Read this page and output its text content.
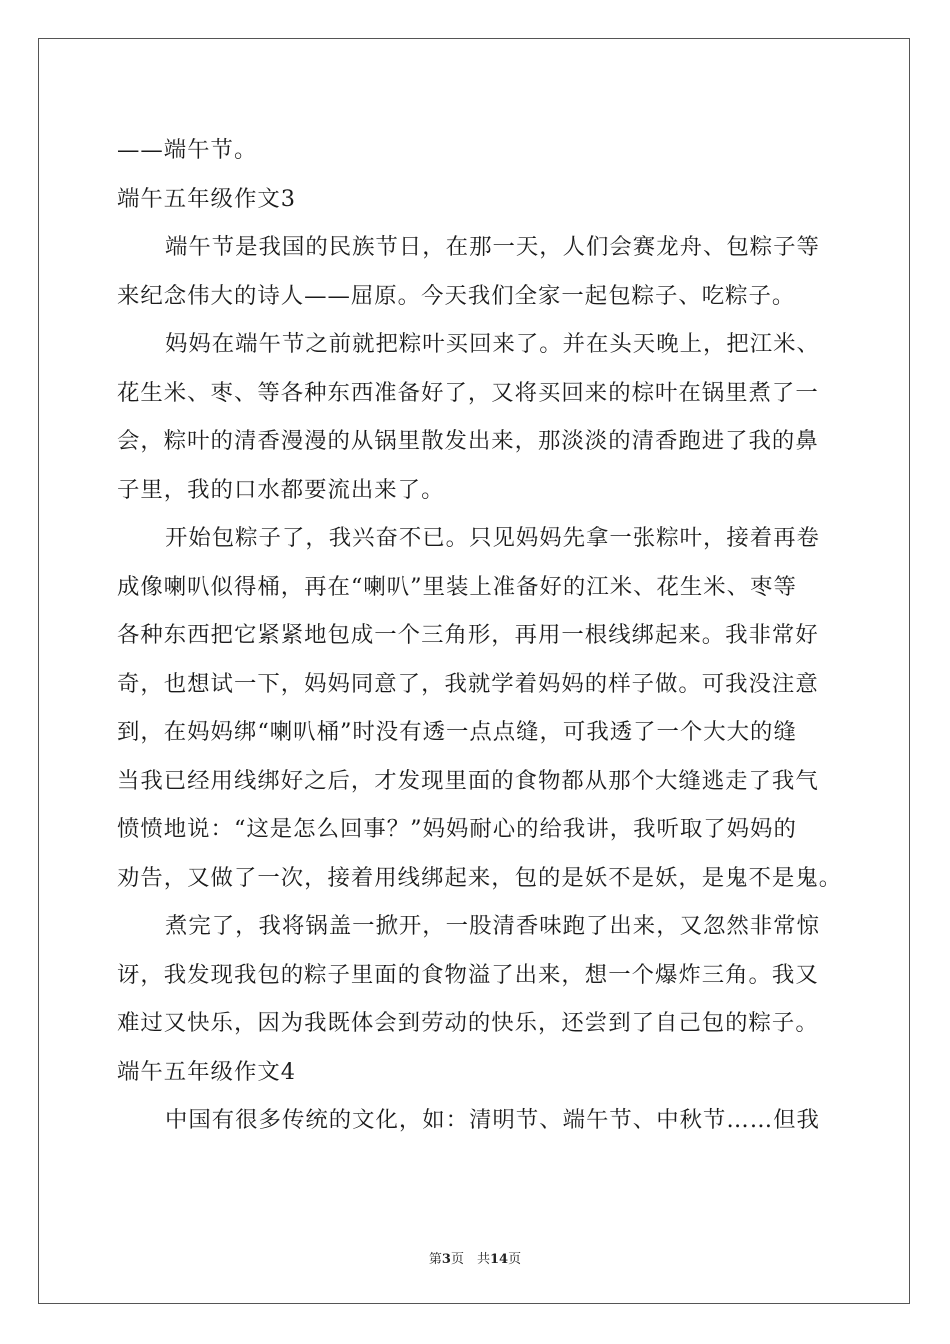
——端午节。
端午五年级作文3
端午节是我国的民族节日，在那一天，人们会赛龙舟、包粽子等
来纪念伟大的诗人——屈原。今天我们全家一起包粽子、吃粽子。
妈妈在端午节之前就把粽叶买回来了。并在头天晚上，把江米、
花生米、枣、等各种东西准备好了，又将买回来的棕叶在锅里煮了一
会，粽叶的清香漫漫的从锅里散发出来，那淡淡的清香跑进了我的鼻
子里，我的口水都要流出来了。
开始包粽子了，我兴奋不已。只见妈妈先拿一张粽叶，接着再卷
成像喇叭似得桶，再在“喇叭”里装上准备好的江米、花生米、枣等
各种东西把它紧紧地包成一个三角形，再用一根线绑起来。我非常好
奇，也想试一下，妈妈同意了，我就学着妈妈的样子做。可我没注意
到，在妈妈绑“喇叭桶”时没有透一点点缝，可我透了一个大大的缝
当我已经用线绑好之后，才发现里面的食物都从那个大缝逃走了我气
愤愤地说：“这是怎么回事？”妈妈耐心的给我讲，我听取了妈妈的
劝告，又做了一次，接着用线绑起来，包的是妖不是妖，是鬼不是鬼。
煮完了，我将锅盖一掀开，一股清香味跑了出来，又忽然非常惊
讶，我发现我包的粽子里面的食物溢了出来，想一个爆炸三角。我又
难过又快乐，因为我既体会到劳动的快乐，还尝到了自己包的粽子。
端午五年级作文4
中国有很多传统的文化，如：清明节、端午节、中秋节……但我
第3页　共14页
